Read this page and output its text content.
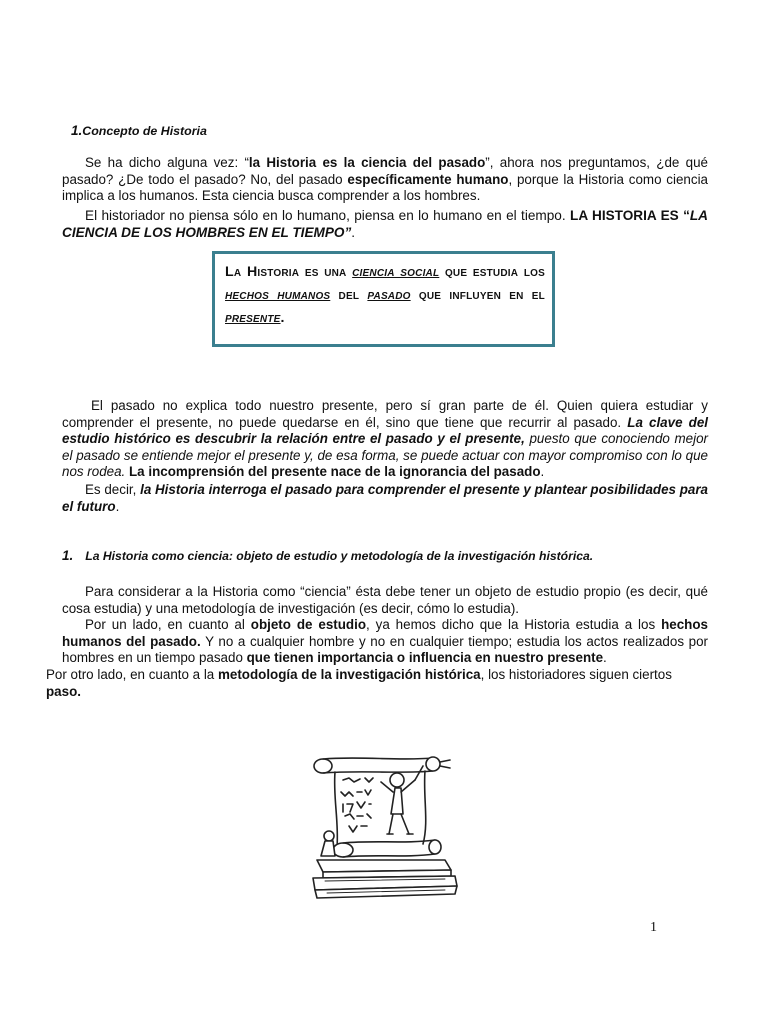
1.Concepto de Historia

Se ha dicho alguna vez: “la Historia es la ciencia del pasado”, ahora nos preguntamos, ¿de qué pasado? ¿De todo el pasado? No, del pasado específicamente humano, porque la Historia como ciencia implica a los humanos. Esta ciencia busca comprender a los hombres.

El historiador no piensa sólo en lo humano, piensa en lo humano en el tiempo. LA HISTORIA ES “LA CIENCIA DE LOS HOMBRES EN EL TIEMPO”.

La Historia es una ciencia social que estudia los hechos humanos del pasado que influyen en el presente.

El pasado no explica todo nuestro presente, pero sí gran parte de él. Quien quiera estudiar y comprender el presente, no puede quedarse en él, sino que tiene que recurrir al pasado. La clave del estudio histórico es descubrir la relación entre el pasado y el presente, puesto que conociendo mejor el pasado se entiende mejor el presente y, de esa forma, se puede actuar con mayor compromiso con lo que nos rodea. La incomprensión del presente nace de la ignorancia del pasado.

Es decir, la Historia interroga el pasado para comprender el presente y plantear posibilidades para el futuro.

1. La Historia como ciencia: objeto de estudio y metodología de la investigación histórica.

Para considerar a la Historia como “ciencia” ésta debe tener un objeto de estudio propio (es decir, qué cosa estudia) y una metodología de investigación (es decir, cómo lo estudia).

Por un lado, en cuanto al objeto de estudio, ya hemos dicho que la Historia estudia a los hechos humanos del pasado. Y no a cualquier hombre y no en cualquier tiempo; estudia los actos realizados por hombres en un tiempo pasado que tienen importancia o influencia en nuestro presente.

Por otro lado, en cuanto a la metodología de la investigación histórica, los historiadores siguen ciertos paso.

1
